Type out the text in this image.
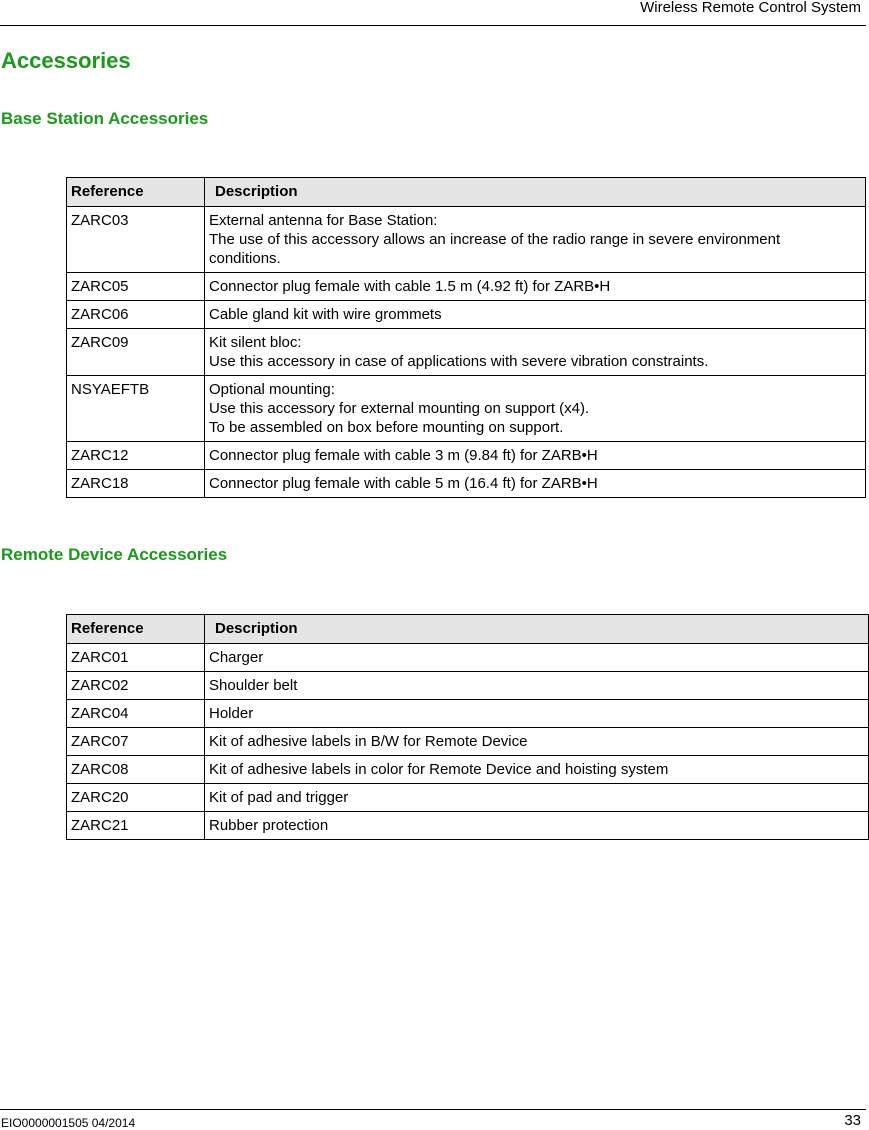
Wireless Remote Control System
Accessories
Base Station Accessories
Reference	Description
ZARC03	External antenna for Base Station:
The use of this accessory allows an increase of the radio range in severe environment
conditions.

ZARC05	Connector plug female with cable 1.5 m (4.92 ft) for ZARB•H

ZARC06	Cable gland kit with wire grommets

ZARC09	Kit silent bloc:
Use this accessory in case of applications with severe vibration constraints.

NSYAEFTB	Optional mounting:
Use this accessory for external mounting on support (x4).
To be assembled on box before mounting on support.

ZARC12	Connector plug female with cable 3 m (9.84 ft) for ZARB•H

ZARC18	Connector plug female with cable 5 m (16.4 ft) for ZARB•H
Remote Device Accessories
Reference	Description
ZARC01	Charger

ZARC02	Shoulder belt

ZARC04	Holder

ZARC07	Kit of adhesive labels in B/W for Remote Device

ZARC08	Kit of adhesive labels in color for Remote Device and hoisting system

ZARC20	Kit of pad and trigger

ZARC21	Rubber protection
EIO0000001505 04/2014	33
